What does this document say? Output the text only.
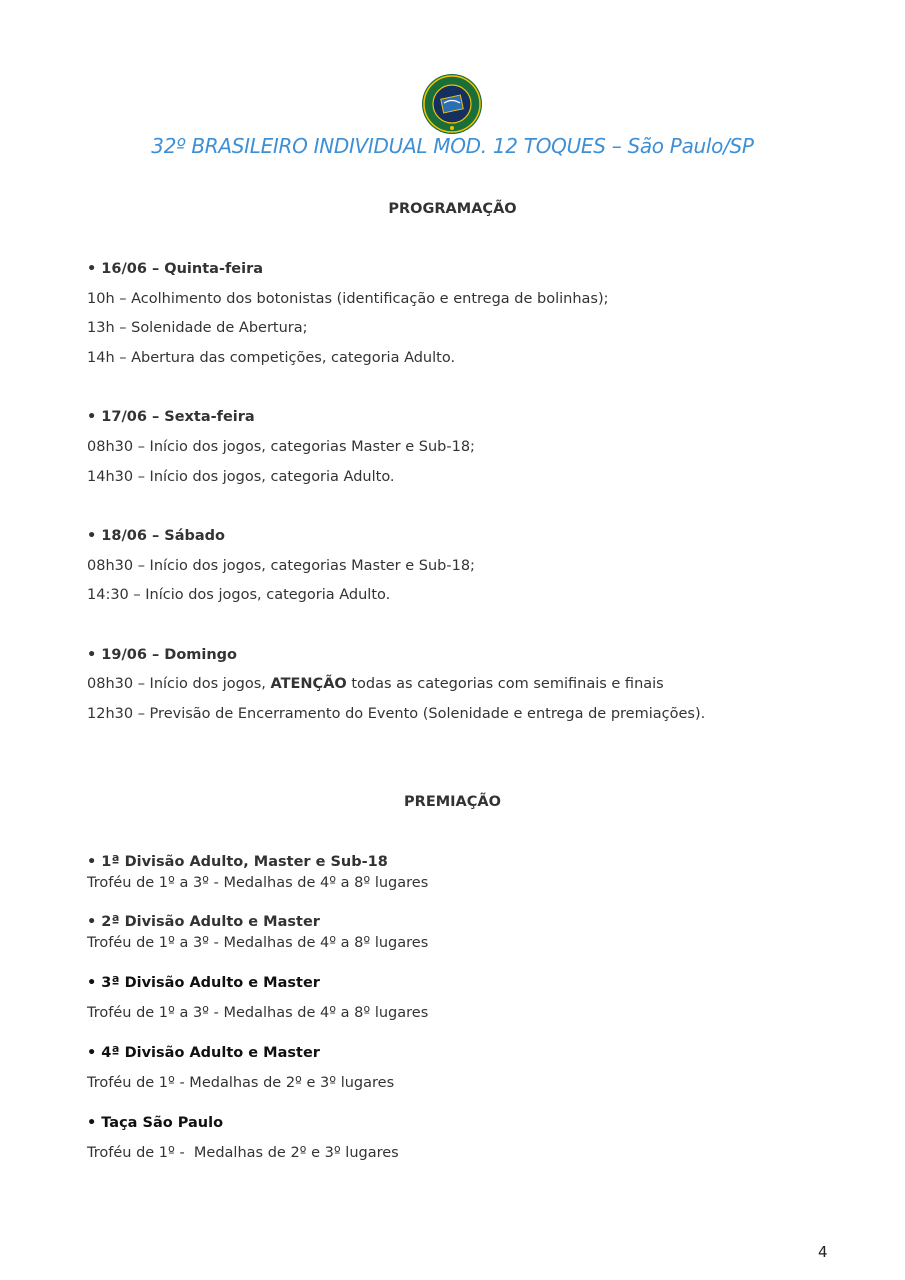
32º BRASILEIRO INDIVIDUAL MOD. 12 TOQUES – São Paulo/SP
PROGRAMAÇÃO
• 16/06 – Quinta-feira
10h – Acolhimento dos botonistas (identificação e entrega de bolinhas);
13h – Solenidade de Abertura;
14h – Abertura das competições, categoria Adulto.
• 17/06 – Sexta-feira
08h30 – Início dos jogos, categorias Master e Sub-18;
14h30 – Início dos jogos, categoria Adulto.
• 18/06 – Sábado
08h30 – Início dos jogos, categorias Master e Sub-18;
14:30 – Início dos jogos, categoria Adulto.
• 19/06 – Domingo
08h30 – Início dos jogos, ATENÇÃO todas as categorias com semifinais e finais
12h30 – Previsão de Encerramento do Evento (Solenidade e entrega de premiações).
PREMIAÇÃO
• 1ª Divisão Adulto, Master e Sub-18
Troféu de 1º a 3º - Medalhas de 4º a 8º lugares
• 2ª Divisão Adulto e Master
Troféu de 1º a 3º - Medalhas de 4º a 8º lugares
• 3ª Divisão Adulto e Master
Troféu de 1º a 3º - Medalhas de 4º a 8º lugares
• 4ª Divisão Adulto e Master
Troféu de 1º - Medalhas de 2º e 3º lugares
• Taça São Paulo
Troféu de 1º -  Medalhas de 2º e 3º lugares
4
